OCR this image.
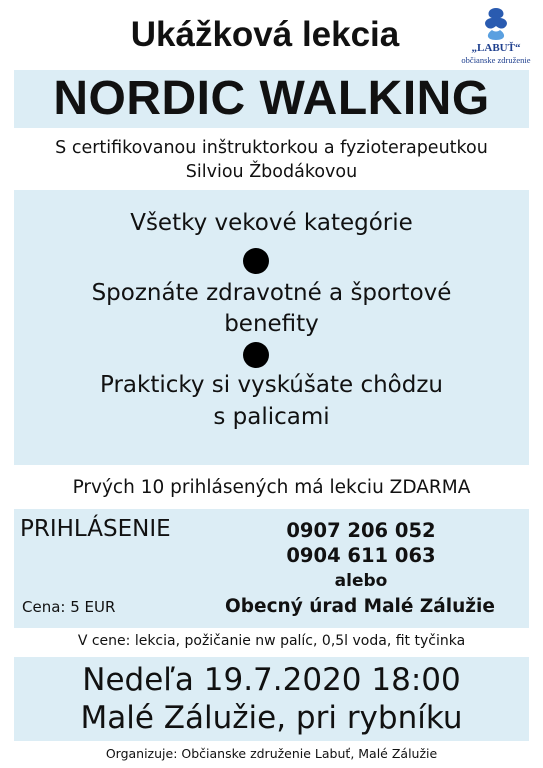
Ukážková lekcia	„LABUŤ“
občianske združenie
NORDIC WALKING
S certifikovanou inštruktorkou a fyzioterapeutkou
Silviou Žbodákovou
Všetky vekové kategórie
Spoznáte zdravotné a športové
benefity
Prakticky si vyskúšate chôdzu
s palicami
Prvých 10 prihlásených má lekciu ZDARMA
PRIHLÁSENIE	0907 206 052
0904 611 063
alebo
Obecný úrad Malé Zálužie
Cena: 5 EUR
V cene: lekcia, požičanie nw palíc, 0,5l voda, fit tyčinka
Nedeľa 19.7.2020 18:00
Malé Zálužie, pri rybníku
Organizuje: Občianske združenie Labuť, Malé Zálužie
